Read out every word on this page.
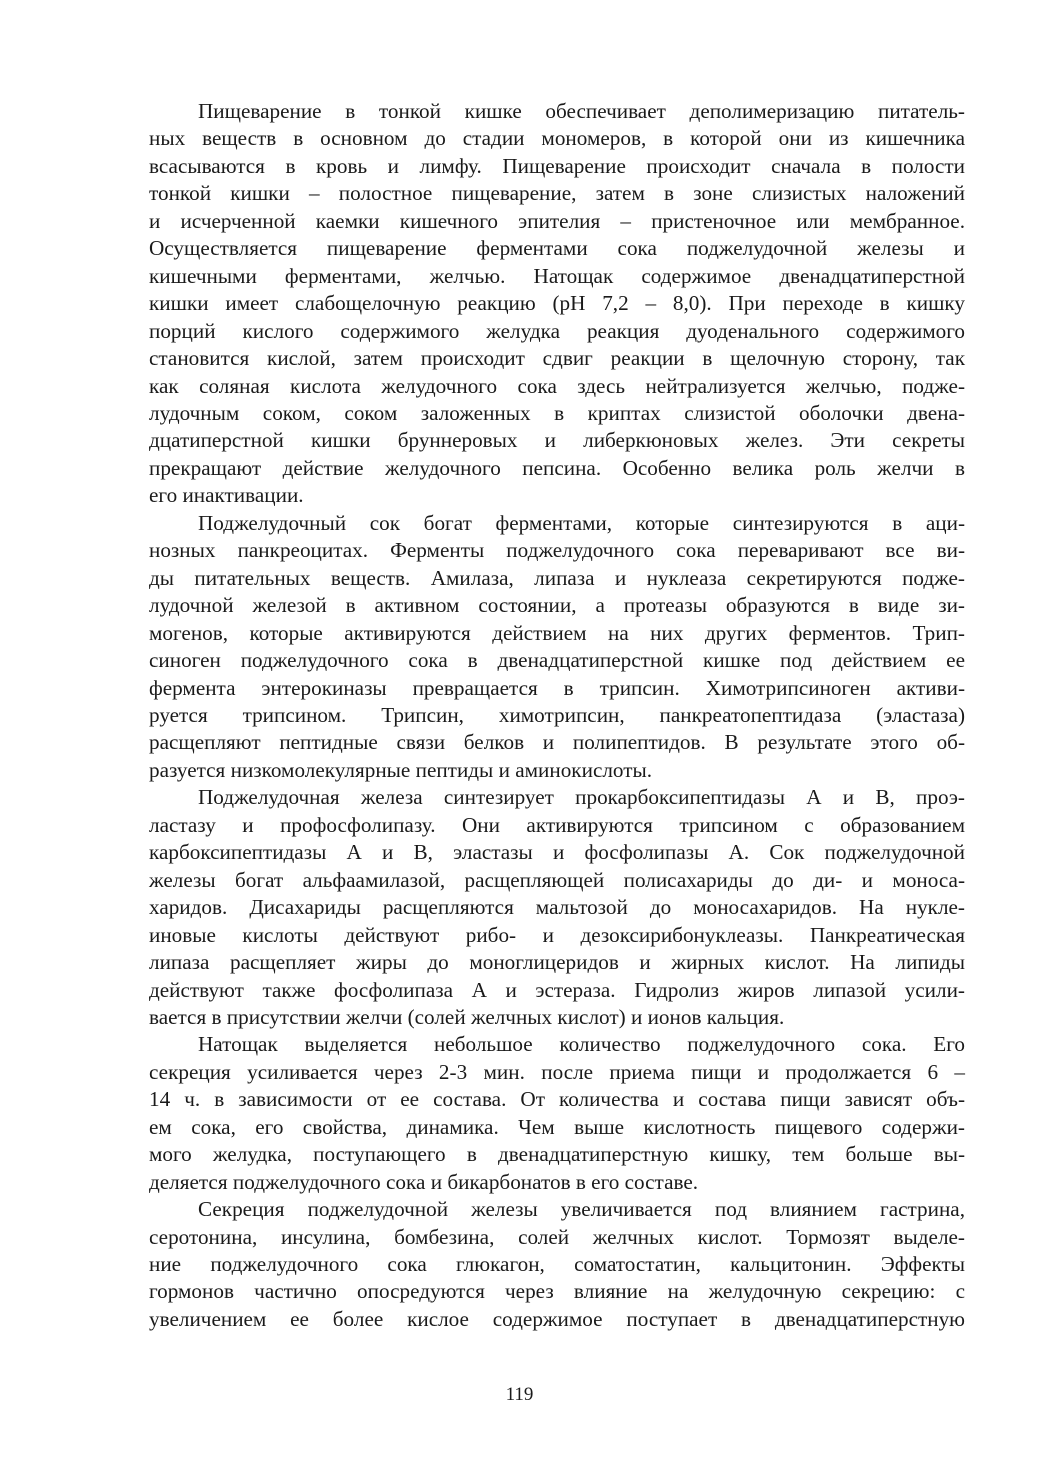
Пищеварение в тонкой кишке обеспечивает деполимеризацию питатель-
ных веществ в основном до стадии мономеров, в которой они из кишечника
всасываются в кровь и лимфу. Пищеварение происходит сначала в полости
тонкой кишки – полостное пищеварение, затем в зоне слизистых наложений
и исчерченной каемки кишечного эпителия – пристеночное или мембранное.
Осуществляется пищеварение ферментами сока поджелудочной железы и
кишечными ферментами, желчью. Натощак содержимое двенадцатиперстной
кишки имеет слабощелочную реакцию (pH 7,2 – 8,0). При переходе в кишку
порций кислого содержимого желудка реакция дуоденального содержимого
становится кислой, затем происходит сдвиг реакции в щелочную сторону, так
как соляная кислота желудочного сока здесь нейтрализуется желчью, подже-
лудочным соком, соком заложенных в криптах слизистой оболочки двена-
дцатиперстной кишки бруннеровых и либеркюновых желез. Эти секреты
прекращают действие желудочного пепсина. Особенно велика роль желчи в
его инактивации.
Поджелудочный сок богат ферментами, которые синтезируются в аци-
нозных панкреоцитах. Ферменты поджелудочного сока переваривают все ви-
ды питательных веществ. Амилаза, липаза и нуклеаза секретируются подже-
лудочной железой в активном состоянии, а протеазы образуются в виде зи-
могенов, которые активируются действием на них других ферментов. Трип-
синоген поджелудочного сока в двенадцатиперстной кишке под действием ее
фермента энтерокиназы превращается в трипсин. Химотрипсиноген активи-
руется трипсином. Трипсин, химотрипсин, панкреатопептидаза (эластаза)
расщепляют пептидные связи белков и полипептидов. В результате этого об-
разуется низкомолекулярные пептиды и аминокислоты.
Поджелудочная железа синтезирует прокарбоксипептидазы А и В, проэ-
ластазу и профосфолипазу. Они активируются трипсином с образованием
карбоксипептидазы А и В, эластазы и фосфолипазы А. Сок поджелудочной
железы богат альфаамилазой, расщепляющей полисахариды до ди- и моноса-
харидов. Дисахариды расщепляются мальтозой до моносахаридов. На нукле-
иновые кислоты действуют рибо- и дезоксирибонуклеазы. Панкреатическая
липаза расщепляет жиры до моноглицеридов и жирных кислот. На липиды
действуют также фосфолипаза А и эстераза. Гидролиз жиров липазой усили-
вается в присутствии желчи (солей желчных кислот) и ионов кальция.
Натощак выделяется небольшое количество поджелудочного сока. Его
секреция усиливается через 2-3 мин. после приема пищи и продолжается 6 –
14 ч. в зависимости от ее состава. От количества и состава пищи зависят объ-
ем сока, его свойства, динамика. Чем выше кислотность пищевого содержи-
мого желудка, поступающего в двенадцатиперстную кишку, тем больше вы-
деляется поджелудочного сока и бикарбонатов в его составе.
Секреция поджелудочной железы увеличивается под влиянием гастрина,
серотонина, инсулина, бомбезина, солей желчных кислот. Тормозят выделе-
ние поджелудочного сока глюкагон, соматостатин, кальцитонин. Эффекты
гормонов частично опосредуются через влияние на желудочную секрецию: с
увеличением ее более кислое содержимое поступает в двенадцатиперстную
119
